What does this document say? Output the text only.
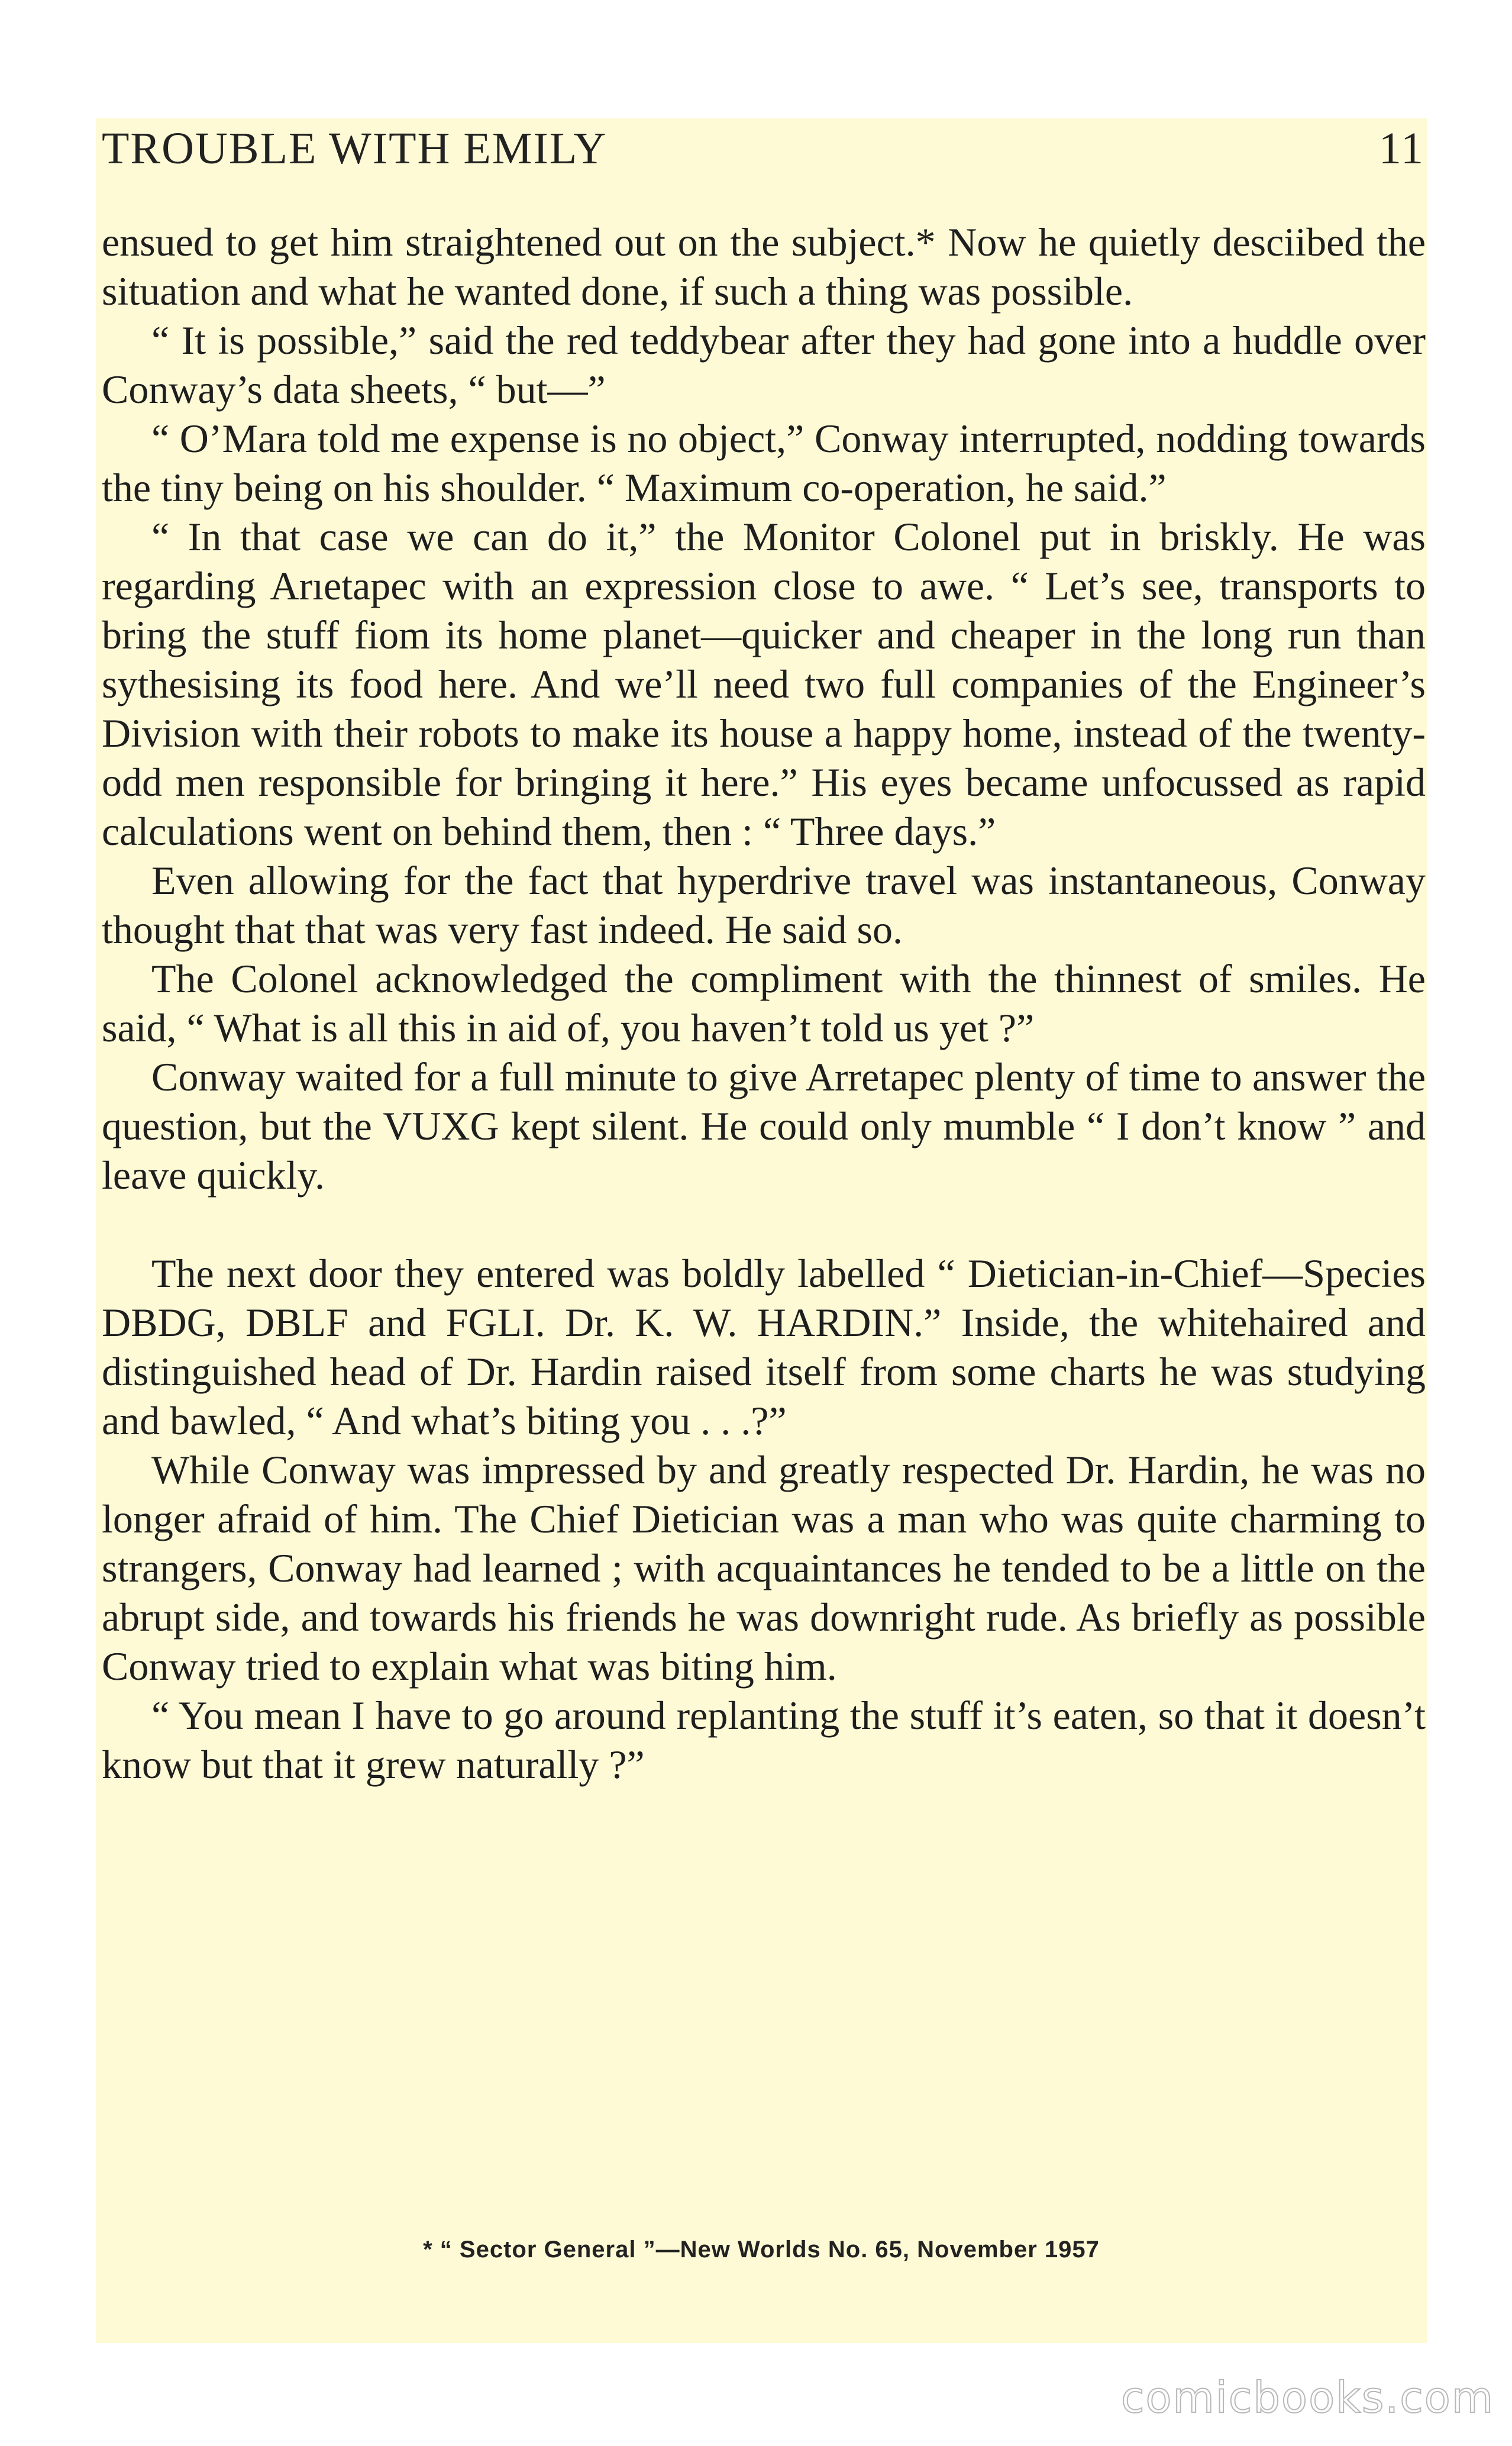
TROUBLE WITH EMILY	11

ensued to get him straightened out on the subject.* Now he quietly desciibed the situation and what he wanted done, if such a thing was possible.

“ It is possible,” said the red teddybear after they had gone into a huddle over Conway’s data sheets, “ but—”

“ O’Mara told me expense is no object,” Conway interrupted, nodding towards the tiny being on his shoulder. “ Maximum co-operation, he said.”

“ In that case we can do it,” the Monitor Colonel put in briskly. He was regarding Arıetapec with an expression close to awe. “ Let’s see, transports to bring the stuff fiom its home planet—quicker and cheaper in the long run than sythesising its food here. And we’ll need two full companies of the Engineer’s Division with their robots to make its house a happy home, instead of the twenty-odd men responsible for bringing it here.” His eyes became unfocussed as rapid calculations went on behind them, then : “ Three days.”

Even allowing for the fact that hyperdrive travel was instantaneous, Conway thought that that was very fast indeed. He said so.

The Colonel acknowledged the compliment with the thinnest of smiles. He said, “ What is all this in aid of, you haven’t told us yet ?”

Conway waited for a full minute to give Arretapec plenty of time to answer the question, but the VUXG kept silent. He could only mumble “ I don’t know ” and leave quickly.

The next door they entered was boldly labelled “ Dietician-in-Chief—Species DBDG, DBLF and FGLI. Dr. K. W. HARDIN.” Inside, the whitehaired and distinguished head of Dr. Hardin raised itself from some charts he was studying and bawled, “ And what’s biting you . . .?”

While Conway was impressed by and greatly respected Dr. Hardin, he was no longer afraid of him. The Chief Dietician was a man who was quite charming to strangers, Conway had learned ; with acquaintances he tended to be a little on the abrupt side, and towards his friends he was downright rude. As briefly as possible Conway tried to explain what was biting him.

“ You mean I have to go around replanting the stuff it’s eaten, so that it doesn’t know but that it grew naturally ?”

* “ Sector General ”—New Worlds No. 65, November 1957
comicbooks.com
